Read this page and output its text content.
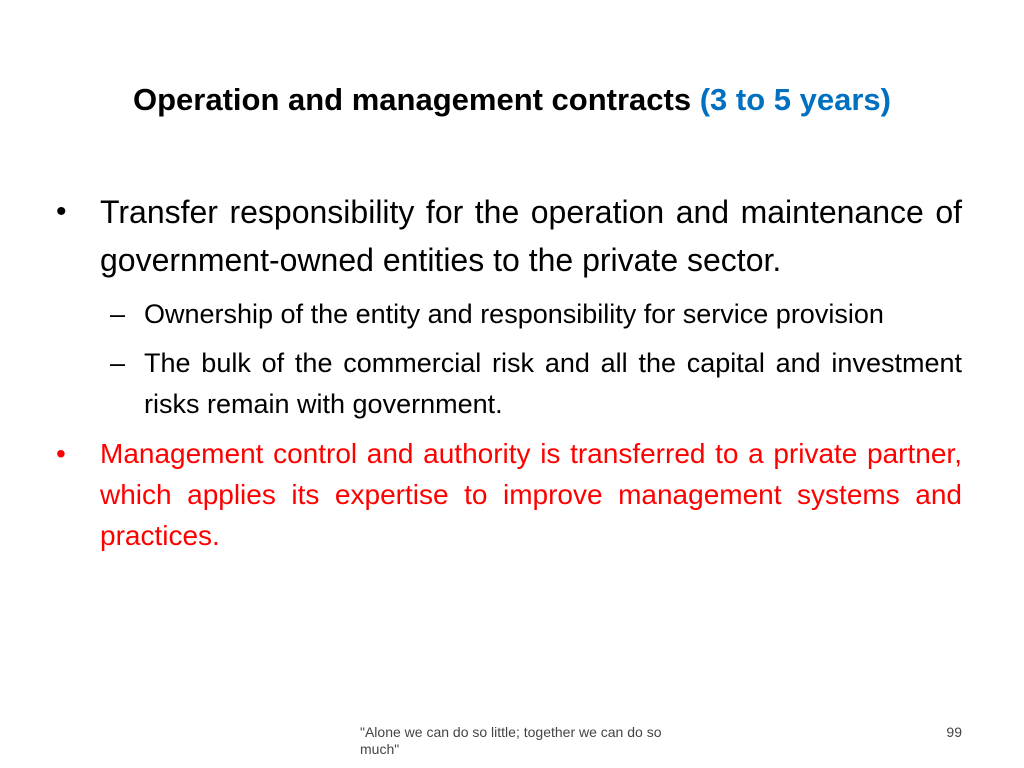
Operation and management contracts (3 to 5 years)
• Transfer responsibility for the operation and maintenance of government-owned entities to the private sector.
– Ownership of the entity and responsibility for service provision
– The bulk of the commercial risk and all the capital and investment risks remain with government.
• Management control and authority is transferred to a private partner, which applies its expertise to improve management systems and practices.
"Alone we can do so little; together we can do so much"
99
